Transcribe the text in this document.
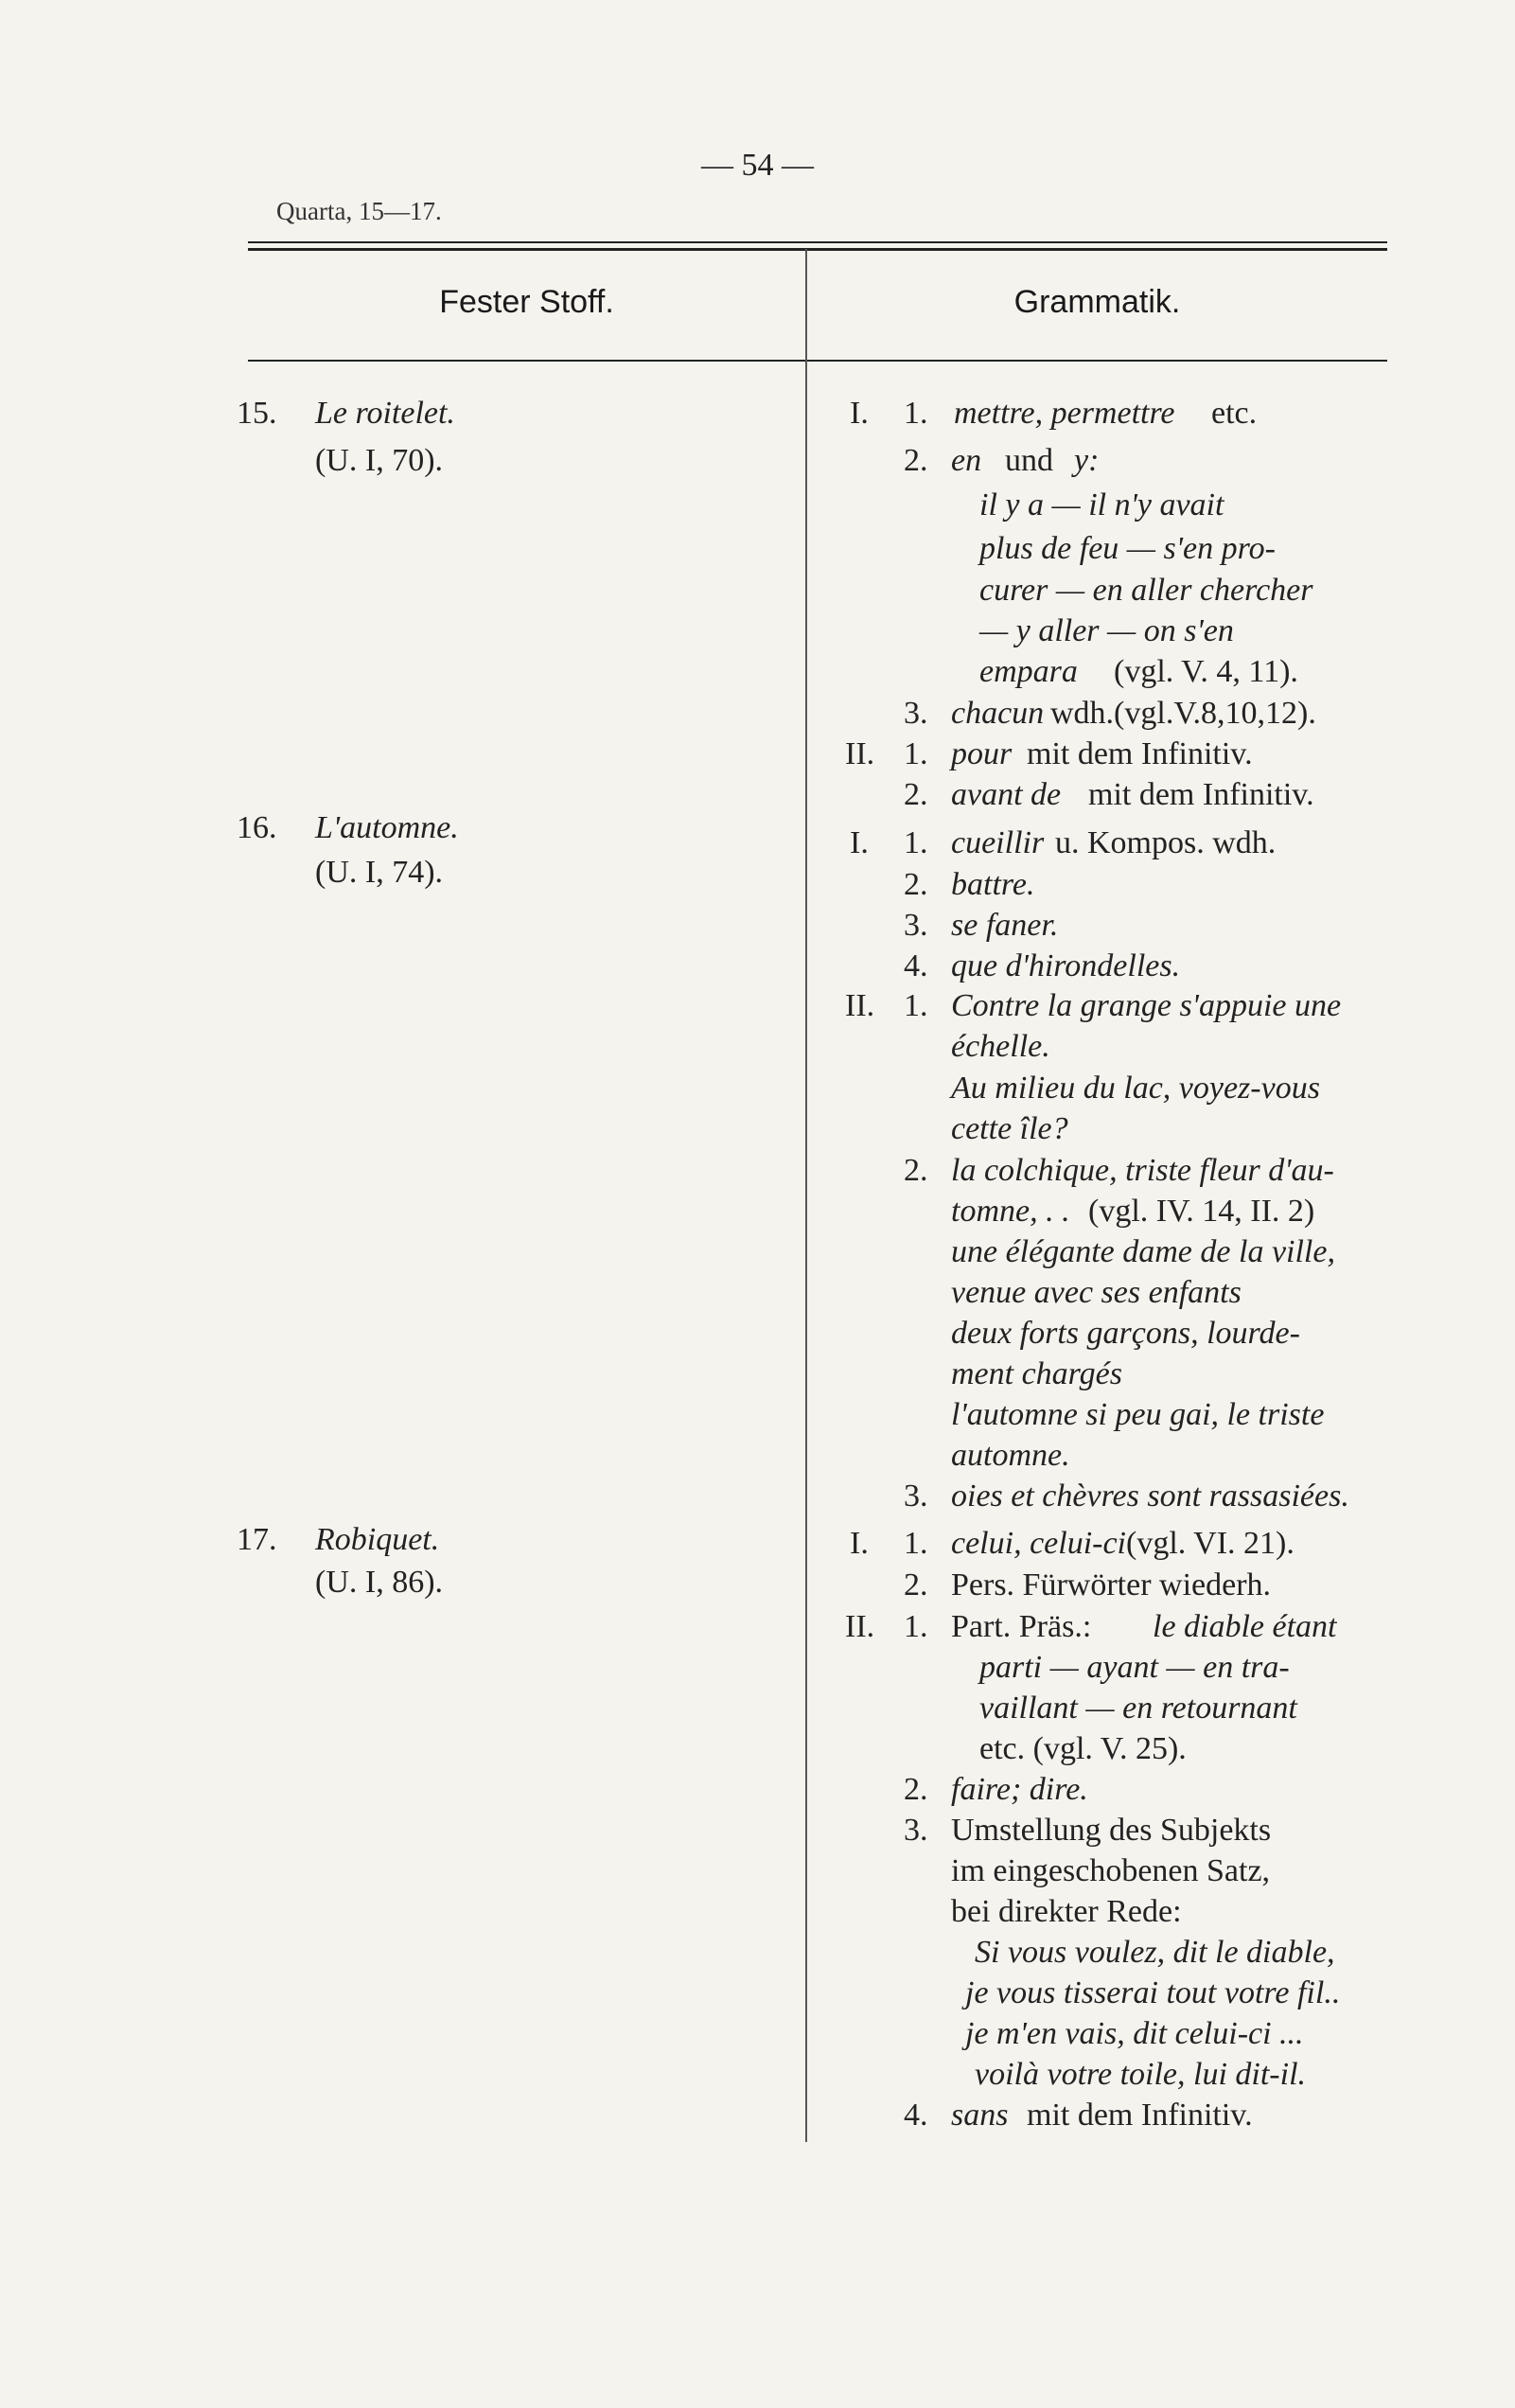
— 54 —
Quarta, 15—17.
Fester Stoff.	Grammatik.
15. Le roitelet.
(U. I, 70).
16. L'automne.
(U. I, 74).
17. Robiquet.
(U. I, 86).
I. 1. mettre, permettre etc.
2. en und y:
il y a — il n'y avait
plus de feu — s'en pro-
curer — en aller chercher
— y aller — on s'en
empara (vgl. V. 4, 11).
3. chacun wdh.(vgl.V.8,10,12).
II. 1. pour mit dem Infinitiv.
2. avant de mit dem Infinitiv.
I. 1. cueillir u. Kompos. wdh.
2. battre.
3. se faner.
4. que d'hirondelles.
II. 1. Contre la grange s'appuie une
échelle.
Au milieu du lac, voyez-vous
cette île?
2. la colchique, triste fleur d'au-
tomne, . . (vgl. IV. 14, II. 2)
une élégante dame de la ville,
venue avec ses enfants
deux forts garçons, lourde-
ment chargés
l'automne si peu gai, le triste
automne.
3. oies et chèvres sont rassasiées.
I. 1. celui, celui-ci (vgl. VI. 21).
2. Pers. Fürwörter wiederh.
II. 1. Part. Präs.: le diable étant
parti — ayant — en tra-
vaillant — en retournant
etc. (vgl. V. 25).
2. faire; dire.
3. Umstellung des Subjekts
im eingeschobenen Satz,
bei direkter Rede:
Si vous voulez, dit le diable,
je vous tisserai tout votre fil..
je m'en vais, dit celui-ci ...
voilà votre toile, lui dit-il.
4. sans mit dem Infinitiv.
